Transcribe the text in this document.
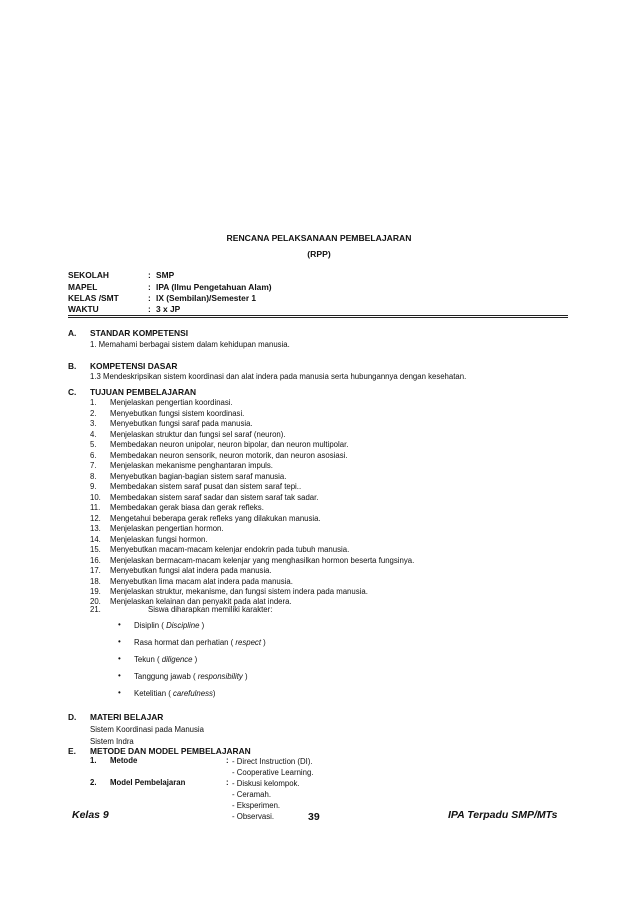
RENCANA PELAKSANAAN PEMBELAJARAN
(RPP)
SEKOLAH	: SMP
MAPEL	: IPA (Ilmu Pengetahuan Alam)
KELAS /SMT	: IX (Sembilan)/Semester 1
WAKTU	: 3 x JP
A. STANDAR KOMPETENSI
1. Memahami berbagai sistem dalam kehidupan manusia.
B. KOMPETENSI DASAR
1.3 Mendeskripsikan sistem koordinasi dan alat indera pada manusia serta hubungannya dengan kesehatan.
C. TUJUAN PEMBELAJARAN
1.	Menjelaskan pengertian koordinasi.
2.	Menyebutkan fungsi sistem koordinasi.
3.	Menyebutkan fungsi saraf pada manusia.
4.	Menjelaskan struktur dan fungsi sel saraf (neuron).
5.	Membedakan neuron unipolar, neuron bipolar, dan neuron multipolar.
6.	Membedakan neuron sensorik, neuron motorik, dan neuron asosiasi.
7.	Menjelaskan mekanisme penghantaran impuls.
8.	Menyebutkan bagian-bagian sistem saraf manusia.
9.	Membedakan sistem saraf pusat dan sistem saraf tepi..
10.	Membedakan sistem saraf sadar dan sistem saraf tak sadar.
11.	Membedakan gerak biasa dan gerak refleks.
12.	Mengetahui beberapa gerak refleks yang dilakukan manusia.
13.	Menjelaskan pengertian hormon.
14.	Menjelaskan fungsi hormon.
15.	Menyebutkan macam-macam kelenjar endokrin pada tubuh manusia.
16.	Menjelaskan bermacam-macam kelenjar yang menghasilkan hormon beserta fungsinya.
17.	Menyebutkan fungsi alat indera pada manusia.
18.	Menyebutkan lima macam alat indera pada manusia.
19.	Menjelaskan struktur, mekanisme, dan fungsi sistem indera pada manusia.
20.	Menjelaskan kelainan dan penyakit pada alat indera.
21.	Siswa diharapkan memiliki karakter:
• Disiplin ( Discipline )
• Rasa hormat dan perhatian ( respect )
• Tekun ( diligence )
• Tanggung jawab ( responsibility )
• Ketelitian ( carefulness)
D. MATERI BELAJAR
Sistem Koordinasi pada Manusia
Sistem Indra
E. METODE DAN MODEL PEMBELAJARAN
1. Metode	: - Direct Instruction (DI).
- Cooperative Learning.
2. Model Pembelajaran	: - Diskusi kelompok.
- Ceramah.
- Eksperimen.
- Observasi.
Kelas 9	39	IPA Terpadu SMP/MTs
